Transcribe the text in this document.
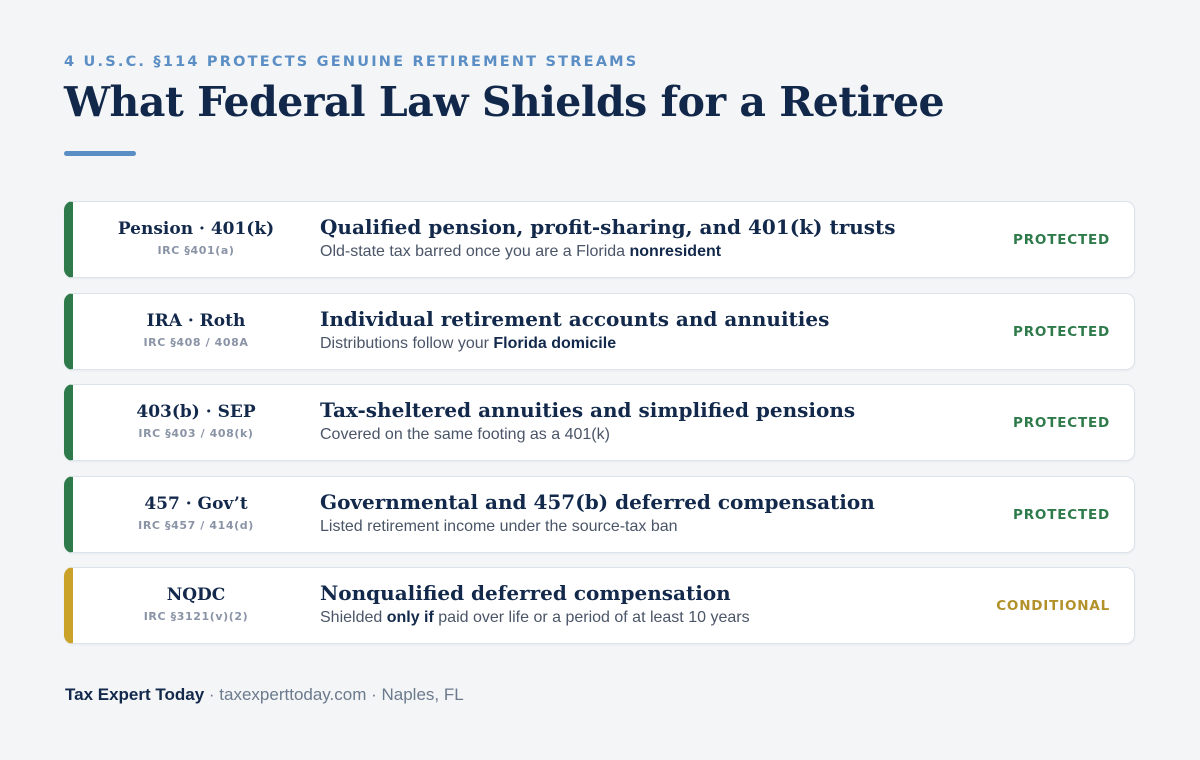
4 U.S.C. §114 PROTECTS GENUINE RETIREMENT STREAMS
What Federal Law Shields for a Retiree
Pension · 401(k)
IRC §401(a)
Qualified pension, profit-sharing, and 401(k) trusts
Old-state tax barred once you are a Florida nonresident
PROTECTED
IRA · Roth
IRC §408 / 408A
Individual retirement accounts and annuities
Distributions follow your Florida domicile
PROTECTED
403(b) · SEP
IRC §403 / 408(k)
Tax-sheltered annuities and simplified pensions
Covered on the same footing as a 401(k)
PROTECTED
457 · Gov’t
IRC §457 / 414(d)
Governmental and 457(b) deferred compensation
Listed retirement income under the source-tax ban
PROTECTED
NQDC
IRC §3121(v)(2)
Nonqualified deferred compensation
Shielded only if paid over life or a period of at least 10 years
CONDITIONAL
Tax Expert Today · taxexperttoday.com · Naples, FL
